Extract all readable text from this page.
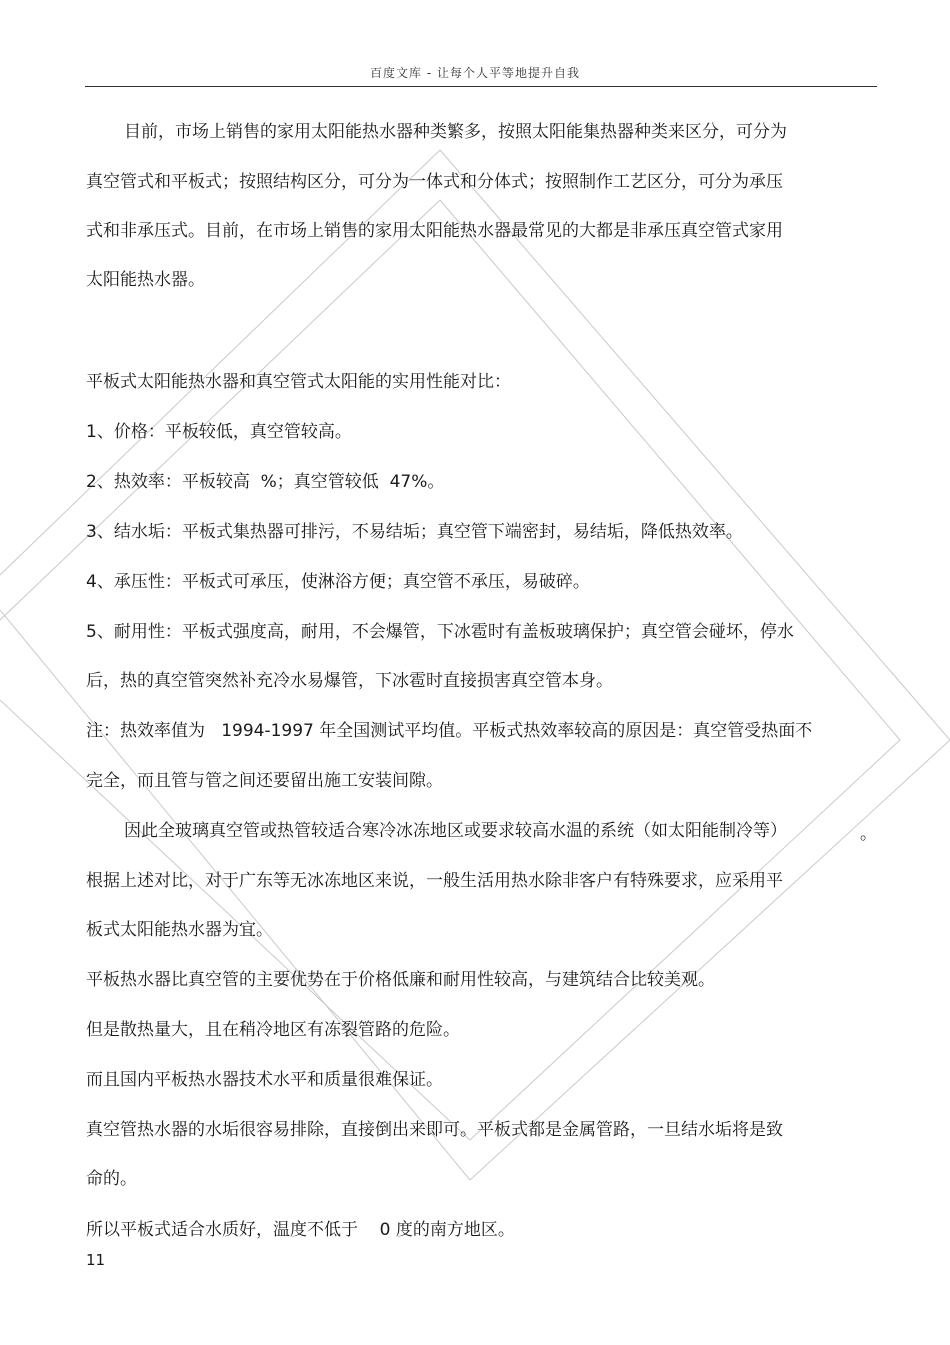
百度文库 - 让每个人平等地提升自我
目前，市场上销售的家用太阳能热水器种类繁多，按照太阳能集热器种类来区分，可分为
真空管式和平板式；按照结构区分，可分为一体式和分体式；按照制作工艺区分，可分为承压
式和非承压式。目前，在市场上销售的家用太阳能热水器最常见的大都是非承压真空管式家用
太阳能热水器。
平板式太阳能热水器和真空管式太阳能的实用性能对比：
1、价格：平板较低，真空管较高。
2、热效率：平板较高  %；真空管较低  47%。
3、结水垢：平板式集热器可排污，不易结垢；真空管下端密封，易结垢，降低热效率。
4、承压性：平板式可承压，使淋浴方便；真空管不承压，易破碎。
5、耐用性：平板式强度高，耐用，不会爆管，下冰雹时有盖板玻璃保护；真空管会碰坏，停水
后，热的真空管突然补充冷水易爆管，下冰雹时直接损害真空管本身。
注：热效率值为   1994-1997 年全国测试平均值。平板式热效率较高的原因是：真空管受热面不
完全，而且管与管之间还要留出施工安装间隙。
因此全玻璃真空管或热管较适合寒冷冰冻地区或要求较高水温的系统（如太阳能制冷等）	。
根据上述对比，对于广东等无冰冻地区来说，一般生活用热水除非客户有特殊要求，应采用平
板式太阳能热水器为宜。
平板热水器比真空管的主要优势在于价格低廉和耐用性较高，与建筑结合比较美观。
但是散热量大，且在稍冷地区有冻裂管路的危险。
而且国内平板热水器技术水平和质量很难保证。
真空管热水器的水垢很容易排除，直接倒出来即可。平板式都是金属管路，一旦结水垢将是致
命的。
所以平板式适合水质好，温度不低于    0 度的南方地区。
11
